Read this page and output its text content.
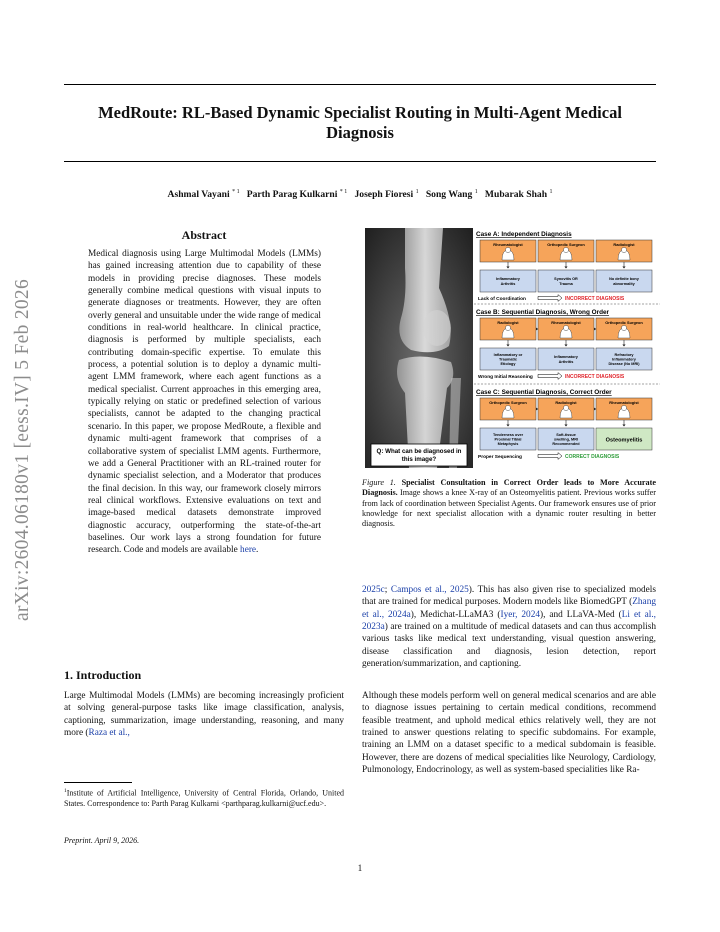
MedRoute: RL-Based Dynamic Specialist Routing in Multi-Agent Medical Diagnosis
Ashmal Vayani $^{* 1}$ Parth Parag Kulkarni $^{* 1}$ Joseph Fioresi $^1$ Song Wang $^1$ Mubarak Shah $^1$
arXiv:2604.06180v1 [eess.IV] 5 Feb 2026
Abstract

Medical diagnosis using Large Multimodal Models (LMMs) has gained increasing attention due to capability of these models in providing precise diagnoses. These models generally combine medical questions with visual inputs to generate diagnoses or treatments. However, they are often overly general and unsuitable under the wide range of medical conditions in real-world healthcare. In clinical practice, diagnosis is performed by multiple specialists, each contributing domain-specific expertise. To emulate this process, a potential solution is to deploy a dynamic multi-agent LMM framework, where each agent functions as a medical specialist. Current approaches in this emerging area, typically relying on static or predefined selection of various specialists, cannot be adapted to the changing practical scenario. In this paper, we propose MedRoute, a flexible and dynamic multi-agent framework that comprises of a collaborative system of specialist LMM agents. Furthermore, we add a General Practitioner with an RL-trained router for dynamic specialist selection, and a Moderator that produces the final decision. In this way, our framework closely mirrors real clinical workflows. Extensive evaluations on text and image-based medical datasets demonstrate improved diagnostic accuracy, outperforming the state-of-the-art baselines. Our work lays a strong foundation for future research. Code and models are available here.

1. Introduction

Large Multimodal Models (LMMs) are becoming increasingly proficient at solving general-purpose tasks like image classification, analysis, captioning, summarization, image understanding, reasoning, and many more (Raza et al.,

$^1$Institute of Artificial Intelligence, University of Central Florida, Orlando, United States. Correspondence to: Parth Parag Kulkarni <parthparag.kulkarni@ucf.edu>.

Preprint. April 9, 2026.
Q: What can be diagnosed in
this image?
Case A: Independent Diagnosis
Rheumatologist	Orthopedic Surgeon	Radiologist
Inflammatory
Arthritis
Synovitis OR
Trauma
No definite bony
abnormality
Lack of Coordination	INCORRECT DIAGNOSIS
Case B: Sequential Diagnosis, Wrong Order
Radiologist	Rheumatologist	Orthopedic Surgeon
Inflammatory or
Traumatic
Etiology
Inflammatory
Arthritis
Refractory
Inflammatory
Disease (No MRI)
Wrong Initial Reasoning	INCORRECT DIAGNOSIS
Case C: Sequential Diagnosis, Correct Order
Orthopedic Surgeon	Radiologist	Rheumatologist
Tenderness over
Proximal Tibial
Metaphysis
Soft-tissue
swelling, MRI
Recommended
Osteomyelitis
Proper Sequencing	CORRECT DIAGNOSIS

Figure 1. Specialist Consultation in Correct Order leads to More Accurate Diagnosis. Image shows a knee X-ray of an Osteomyelitis patient. Previous works suffer from lack of coordination between Specialist Agents. Our framework ensures use of prior knowledge for next specialist allocation with a dynamic router resulting in better diagnosis.

2025c; Campos et al., 2025). This has also given rise to specialized models that are trained for medical purposes. Modern models like BiomedGPT (Zhang et al., 2024a), Medichat-LLaMA3 (Iyer, 2024), and LLaVA-Med (Li et al., 2023a) are trained on a multitude of medical datasets and can thus accomplish various tasks like medical text understanding, visual question answering, disease classification and diagnosis, lesion detection, report generation/summarization, and captioning.

Although these models perform well on general medical scenarios and are able to diagnose issues pertaining to certain medical conditions, recommend feasible treatment, and uphold medical ethics relatively well, they are not trained to answer questions relating to specific subdomains. For example, training an LMM on a dataset specific to a medical subdomain is feasible. However, there are dozens of medical specialities like Neurology, Cardiology, Pulmonology, Endocrinology, as well as system-based specialities like Ra-

1
